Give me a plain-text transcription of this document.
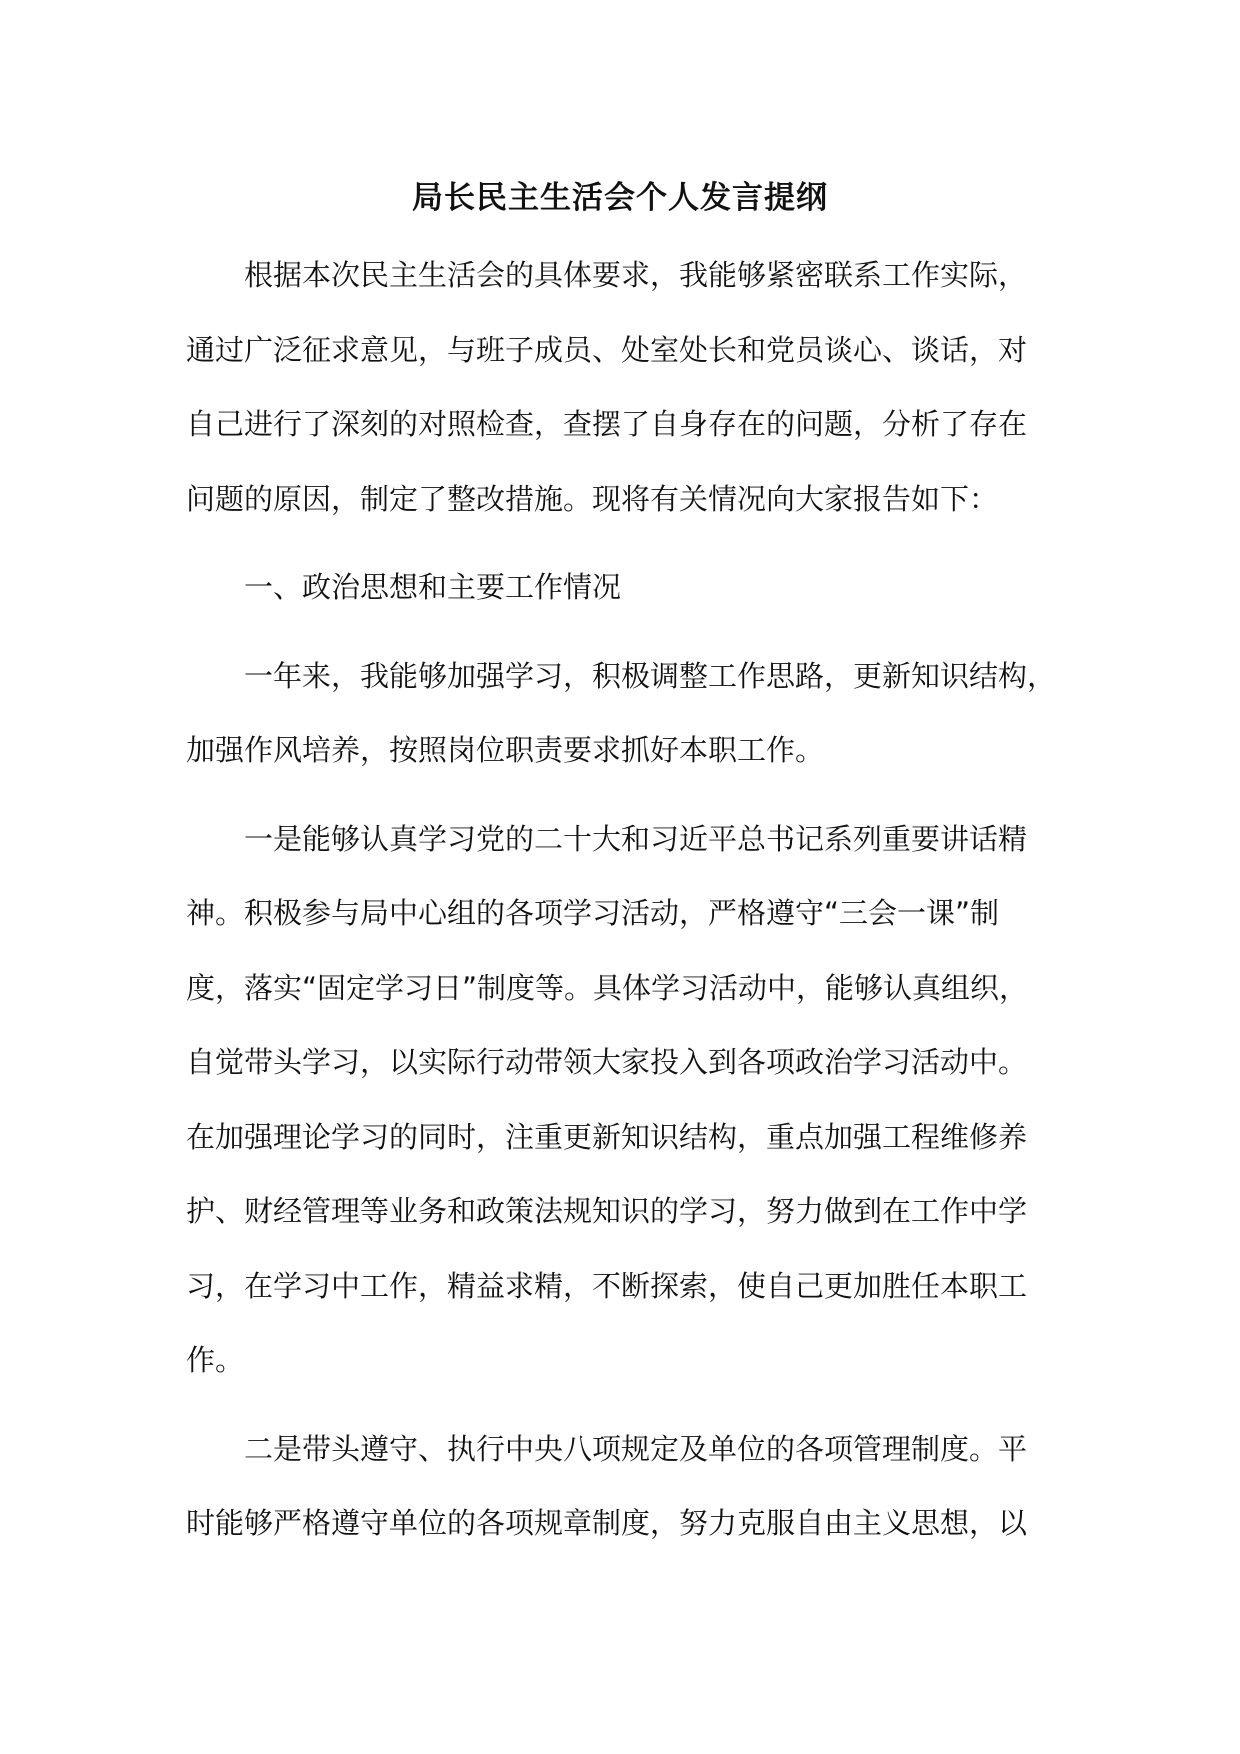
局长民主生活会个人发言提纲
根据本次民主生活会的具体要求，我能够紧密联系工作实际，
通过广泛征求意见，与班子成员、处室处长和党员谈心、谈话，对
自己进行了深刻的对照检查，查摆了自身存在的问题，分析了存在
问题的原因，制定了整改措施。现将有关情况向大家报告如下：
一、政治思想和主要工作情况
一年来，我能够加强学习，积极调整工作思路，更新知识结构，
加强作风培养，按照岗位职责要求抓好本职工作。
一是能够认真学习党的二十大和习近平总书记系列重要讲话精
神。积极参与局中心组的各项学习活动，严格遵守“三会一课”制
度，落实“固定学习日”制度等。具体学习活动中，能够认真组织，
自觉带头学习，以实际行动带领大家投入到各项政治学习活动中。
在加强理论学习的同时，注重更新知识结构，重点加强工程维修养
护、财经管理等业务和政策法规知识的学习，努力做到在工作中学
习，在学习中工作，精益求精，不断探索，使自己更加胜任本职工
作。
二是带头遵守、执行中央八项规定及单位的各项管理制度。平
时能够严格遵守单位的各项规章制度，努力克服自由主义思想，以
